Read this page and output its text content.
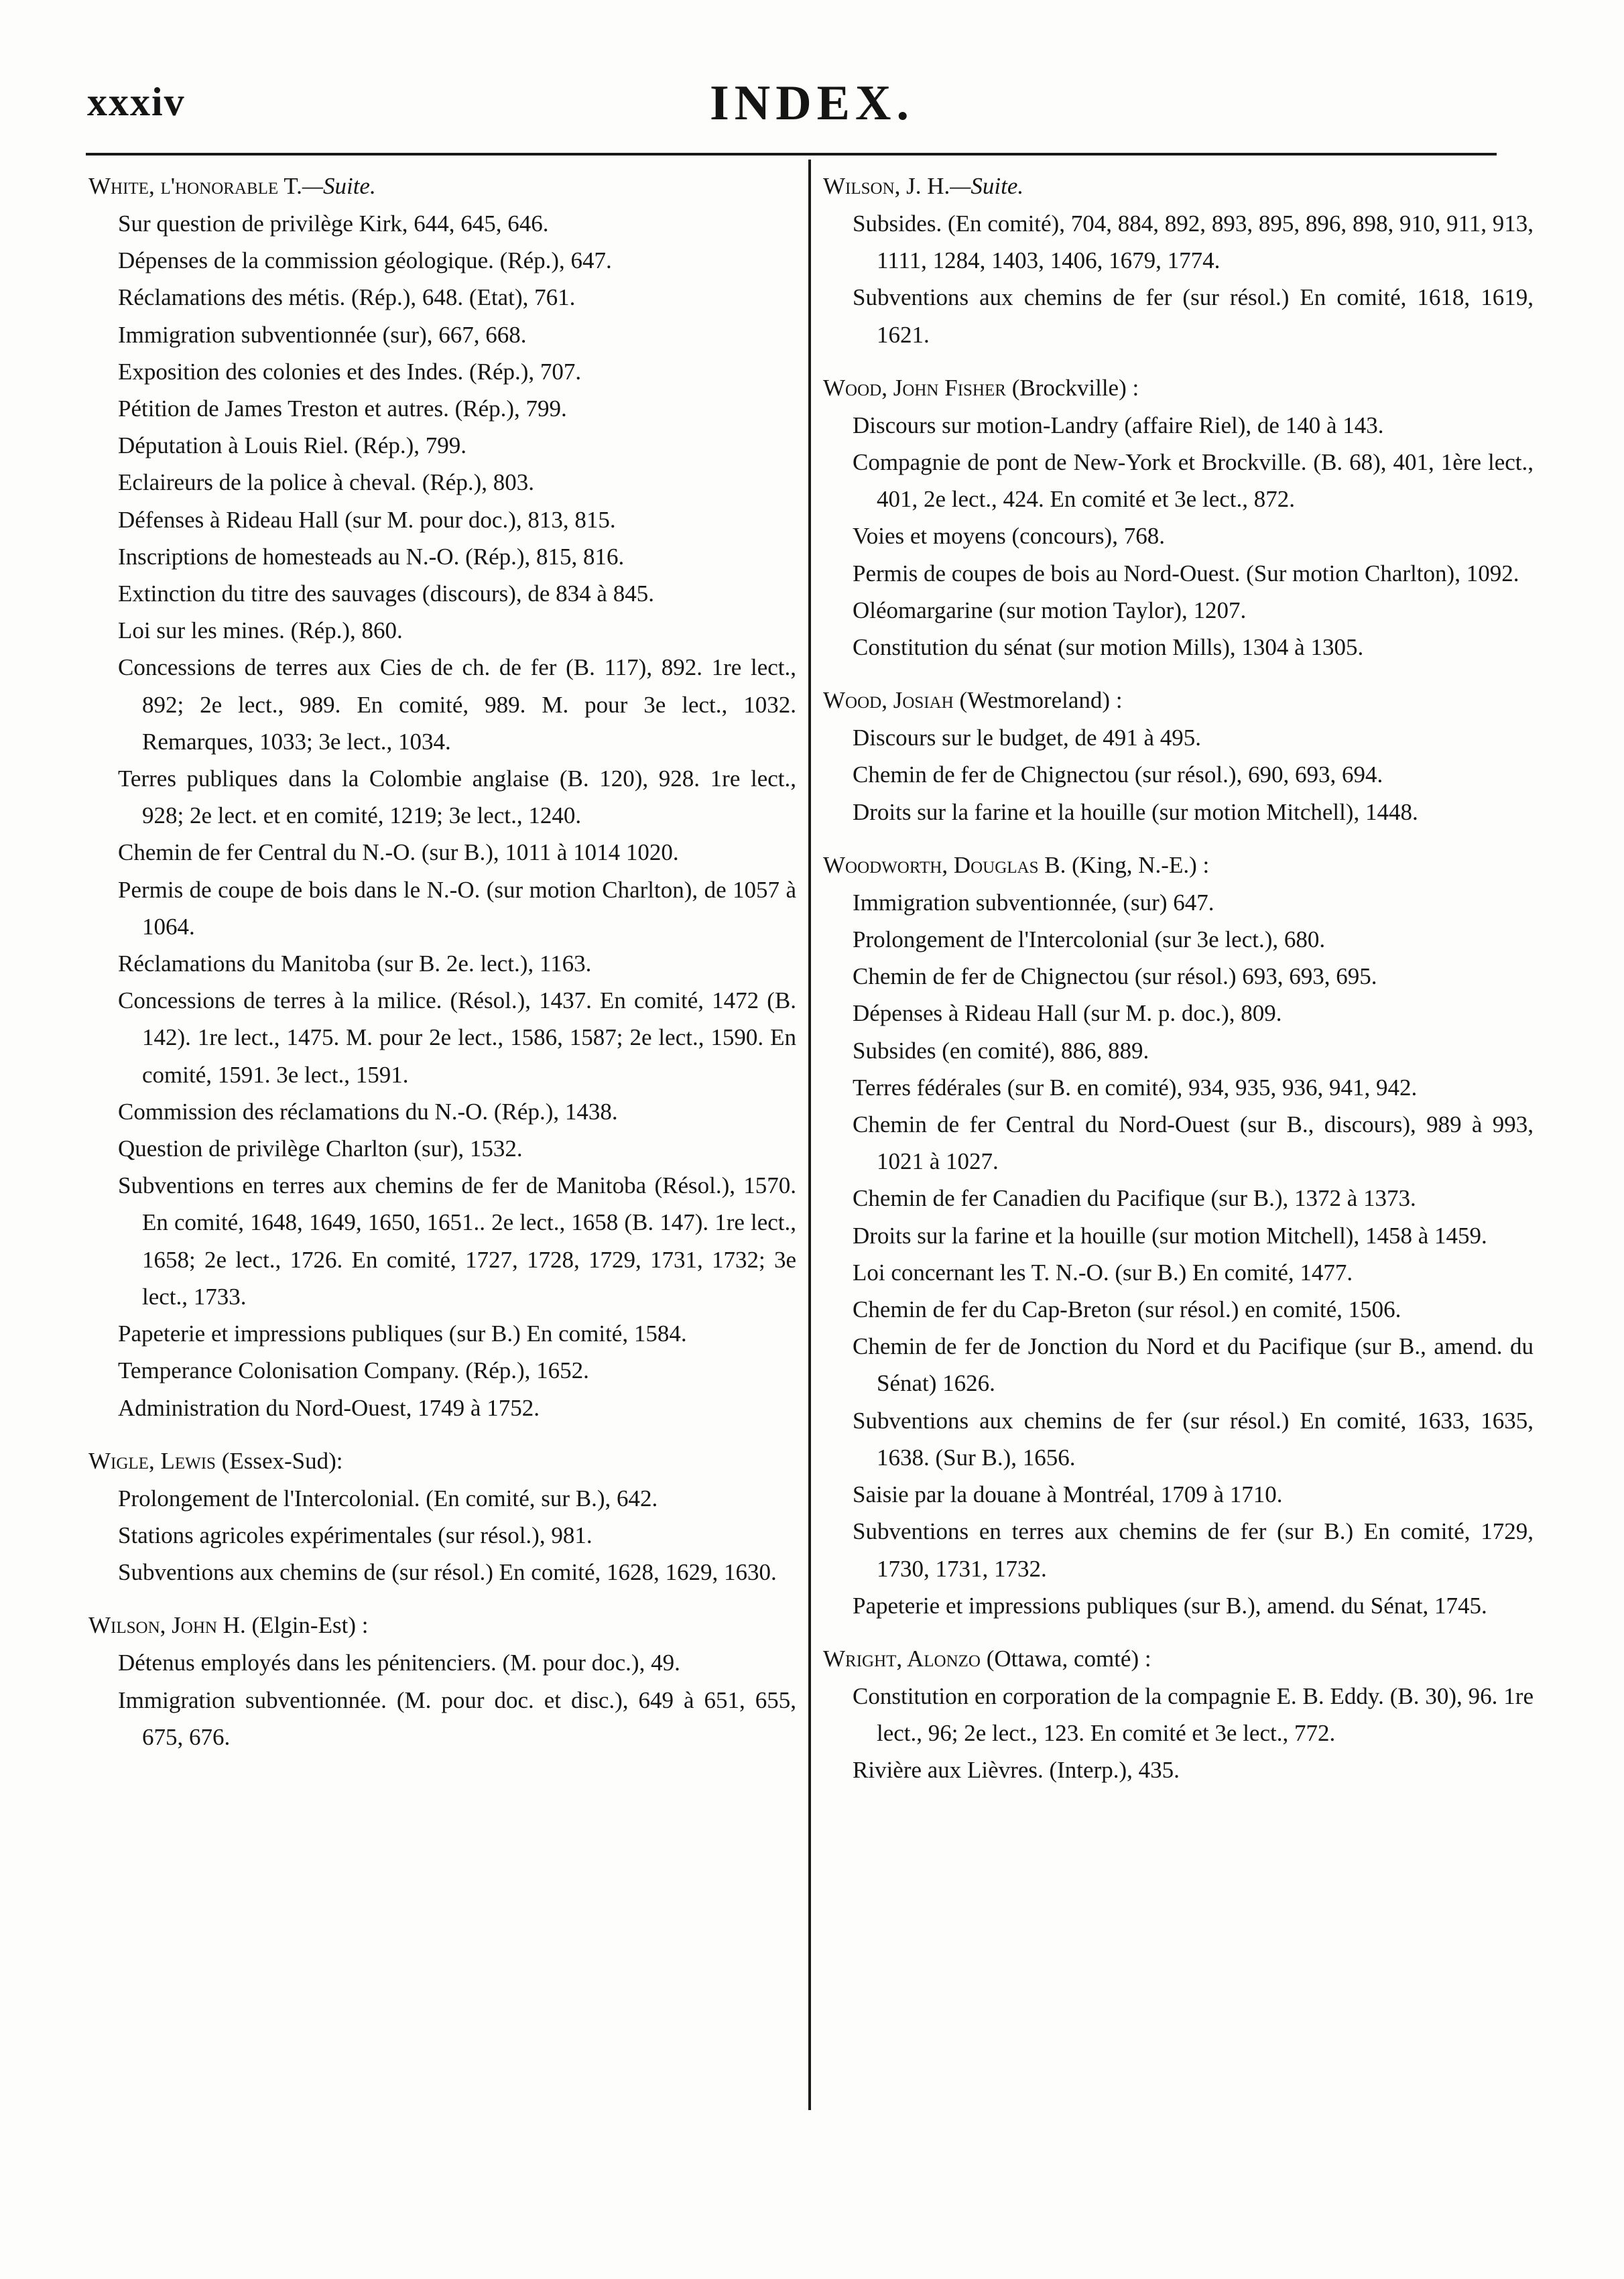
xxxiv	INDEX.
White, l'honorable T.—Suite.
Sur question de privilège Kirk, 644, 645, 646.
Dépenses de la commission géologique. (Rép.), 647.
Réclamations des métis. (Rép.), 648. (Etat), 761.
Immigration subventionnée (sur), 667, 668.
Exposition des colonies et des Indes. (Rép.), 707.
Pétition de James Treston et autres. (Rép.), 799.
Députation à Louis Riel. (Rép.), 799.
Eclaireurs de la police à cheval. (Rép.), 803.
Défenses à Rideau Hall (sur M. pour doc.), 813, 815.
Inscriptions de homesteads au N.-O. (Rép.), 815, 816.
Extinction du titre des sauvages (discours), de 834 à 845.
Loi sur les mines. (Rép.), 860.
Concessions de terres aux Cies de ch. de fer (B. 117), 892. 1re lect., 892; 2e lect., 989. En comité, 989. M. pour 3e lect., 1032. Remarques, 1033; 3e lect., 1034.
Terres publiques dans la Colombie anglaise (B. 120), 928. 1re lect., 928; 2e lect. et en comité, 1219; 3e lect., 1240.
Chemin de fer Central du N.-O. (sur B.), 1011 à 1014 1020.
Permis de coupe de bois dans le N.-O. (sur motion Charlton), de 1057 à 1064.
Réclamations du Manitoba (sur B. 2e. lect.), 1163.
Concessions de terres à la milice. (Résol.), 1437. En comité, 1472 (B. 142). 1re lect., 1475. M. pour 2e lect., 1586, 1587; 2e lect., 1590. En comité, 1591. 3e lect., 1591.
Commission des réclamations du N.-O. (Rép.), 1438.
Question de privilège Charlton (sur), 1532.
Subventions en terres aux chemins de fer de Manitoba (Résol.), 1570. En comité, 1648, 1649, 1650, 1651.. 2e lect., 1658 (B. 147). 1re lect., 1658; 2e lect., 1726. En comité, 1727, 1728, 1729, 1731, 1732; 3e lect., 1733.
Papeterie et impressions publiques (sur B.) En comité, 1584.
Temperance Colonisation Company. (Rép.), 1652.
Administration du Nord-Ouest, 1749 à 1752.
Wigle, Lewis (Essex-Sud):
Prolongement de l'Intercolonial. (En comité, sur B.), 642.
Stations agricoles expérimentales (sur résol.), 981.
Subventions aux chemins de (sur résol.) En comité, 1628, 1629, 1630.
Wilson, John H. (Elgin-Est) :
Détenus employés dans les pénitenciers. (M. pour doc.), 49.
Immigration subventionnée. (M. pour doc. et disc.), 649 à 651, 655, 675, 676.
Wilson, J. H.—Suite.
Subsides. (En comité), 704, 884, 892, 893, 895, 896, 898, 910, 911, 913, 1111, 1284, 1403, 1406, 1679, 1774.
Subventions aux chemins de fer (sur résol.) En comité, 1618, 1619, 1621.
Wood, John Fisher (Brockville) :
Discours sur motion-Landry (affaire Riel), de 140 à 143.
Compagnie de pont de New-York et Brockville. (B. 68), 401, 1ère lect., 401, 2e lect., 424. En comité et 3e lect., 872.
Voies et moyens (concours), 768.
Permis de coupes de bois au Nord-Ouest. (Sur motion Charlton), 1092.
Oléomargarine (sur motion Taylor), 1207.
Constitution du sénat (sur motion Mills), 1304 à 1305.
Wood, Josiah (Westmoreland) :
Discours sur le budget, de 491 à 495.
Chemin de fer de Chignectou (sur résol.), 690, 693, 694.
Droits sur la farine et la houille (sur motion Mitchell), 1448.
Woodworth, Douglas B. (King, N.-E.) :
Immigration subventionnée, (sur) 647.
Prolongement de l'Intercolonial (sur 3e lect.), 680.
Chemin de fer de Chignectou (sur résol.) 693, 693, 695.
Dépenses à Rideau Hall (sur M. p. doc.), 809.
Subsides (en comité), 886, 889.
Terres fédérales (sur B. en comité), 934, 935, 936, 941, 942.
Chemin de fer Central du Nord-Ouest (sur B., discours), 989 à 993, 1021 à 1027.
Chemin de fer Canadien du Pacifique (sur B.), 1372 à 1373.
Droits sur la farine et la houille (sur motion Mitchell), 1458 à 1459.
Loi concernant les T. N.-O. (sur B.) En comité, 1477.
Chemin de fer du Cap-Breton (sur résol.) en comité, 1506.
Chemin de fer de Jonction du Nord et du Pacifique (sur B., amend. du Sénat) 1626.
Subventions aux chemins de fer (sur résol.) En comité, 1633, 1635, 1638. (Sur B.), 1656.
Saisie par la douane à Montréal, 1709 à 1710.
Subventions en terres aux chemins de fer (sur B.) En comité, 1729, 1730, 1731, 1732.
Papeterie et impressions publiques (sur B.), amend. du Sénat, 1745.
Wright, Alonzo (Ottawa, comté) :
Constitution en corporation de la compagnie E. B. Eddy. (B. 30), 96. 1re lect., 96; 2e lect., 123. En comité et 3e lect., 772.
Rivière aux Lièvres. (Interp.), 435.
